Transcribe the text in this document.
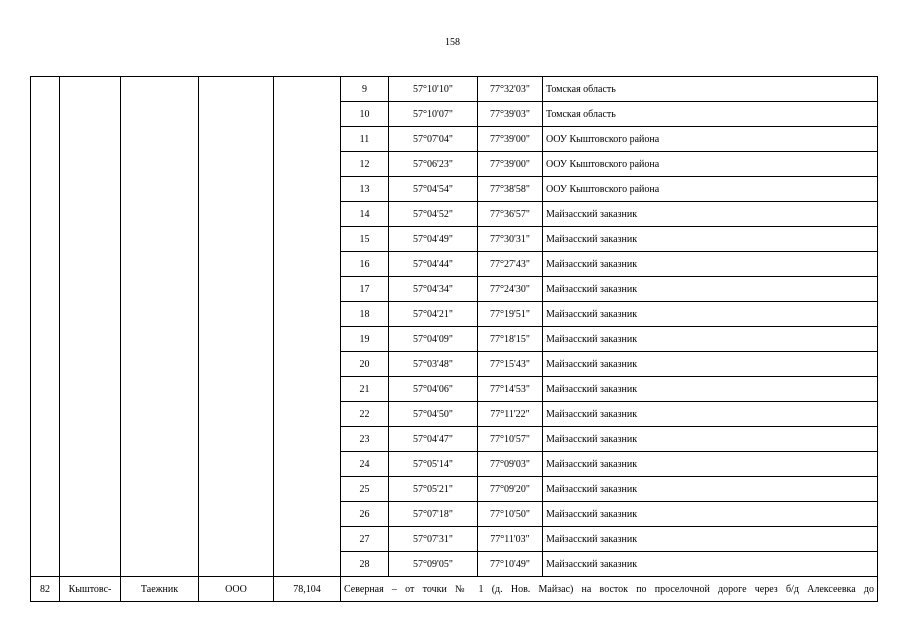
158
					9	57°10'10"	77°32'03"	Томская область
					10	57°10'07"	77°39'03"	Томская область
					11	57°07'04"	77°39'00"	ООУ Кыштовского района
					12	57°06'23"	77°39'00"	ООУ Кыштовского района
					13	57°04'54"	77°38'58"	ООУ Кыштовского района
					14	57°04'52"	77°36'57"	Майзасский заказник
					15	57°04'49"	77°30'31"	Майзасский заказник
					16	57°04'44"	77°27'43"	Майзасский заказник
					17	57°04'34"	77°24'30"	Майзасский заказник
					18	57°04'21"	77°19'51"	Майзасский заказник
					19	57°04'09"	77°18'15"	Майзасский заказник
					20	57°03'48"	77°15'43"	Майзасский заказник
					21	57°04'06"	77°14'53"	Майзасский заказник
					22	57°04'50"	77°11'22"	Майзасский заказник
					23	57°04'47"	77°10'57"	Майзасский заказник
					24	57°05'14"	77°09'03"	Майзасский заказник
					25	57°05'21"	77°09'20"	Майзасский заказник
					26	57°07'18"	77°10'50"	Майзасский заказник
					27	57°07'31"	77°11'03"	Майзасский заказник
					28	57°09'05"	77°10'49"	Майзасский заказник
82	Кыштовс-	Таежник	ООО	78,104	Северная – от точки № 1 (д. Нов. Майзас) на восток по проселочной дороге через б/д Алексеевка до			
